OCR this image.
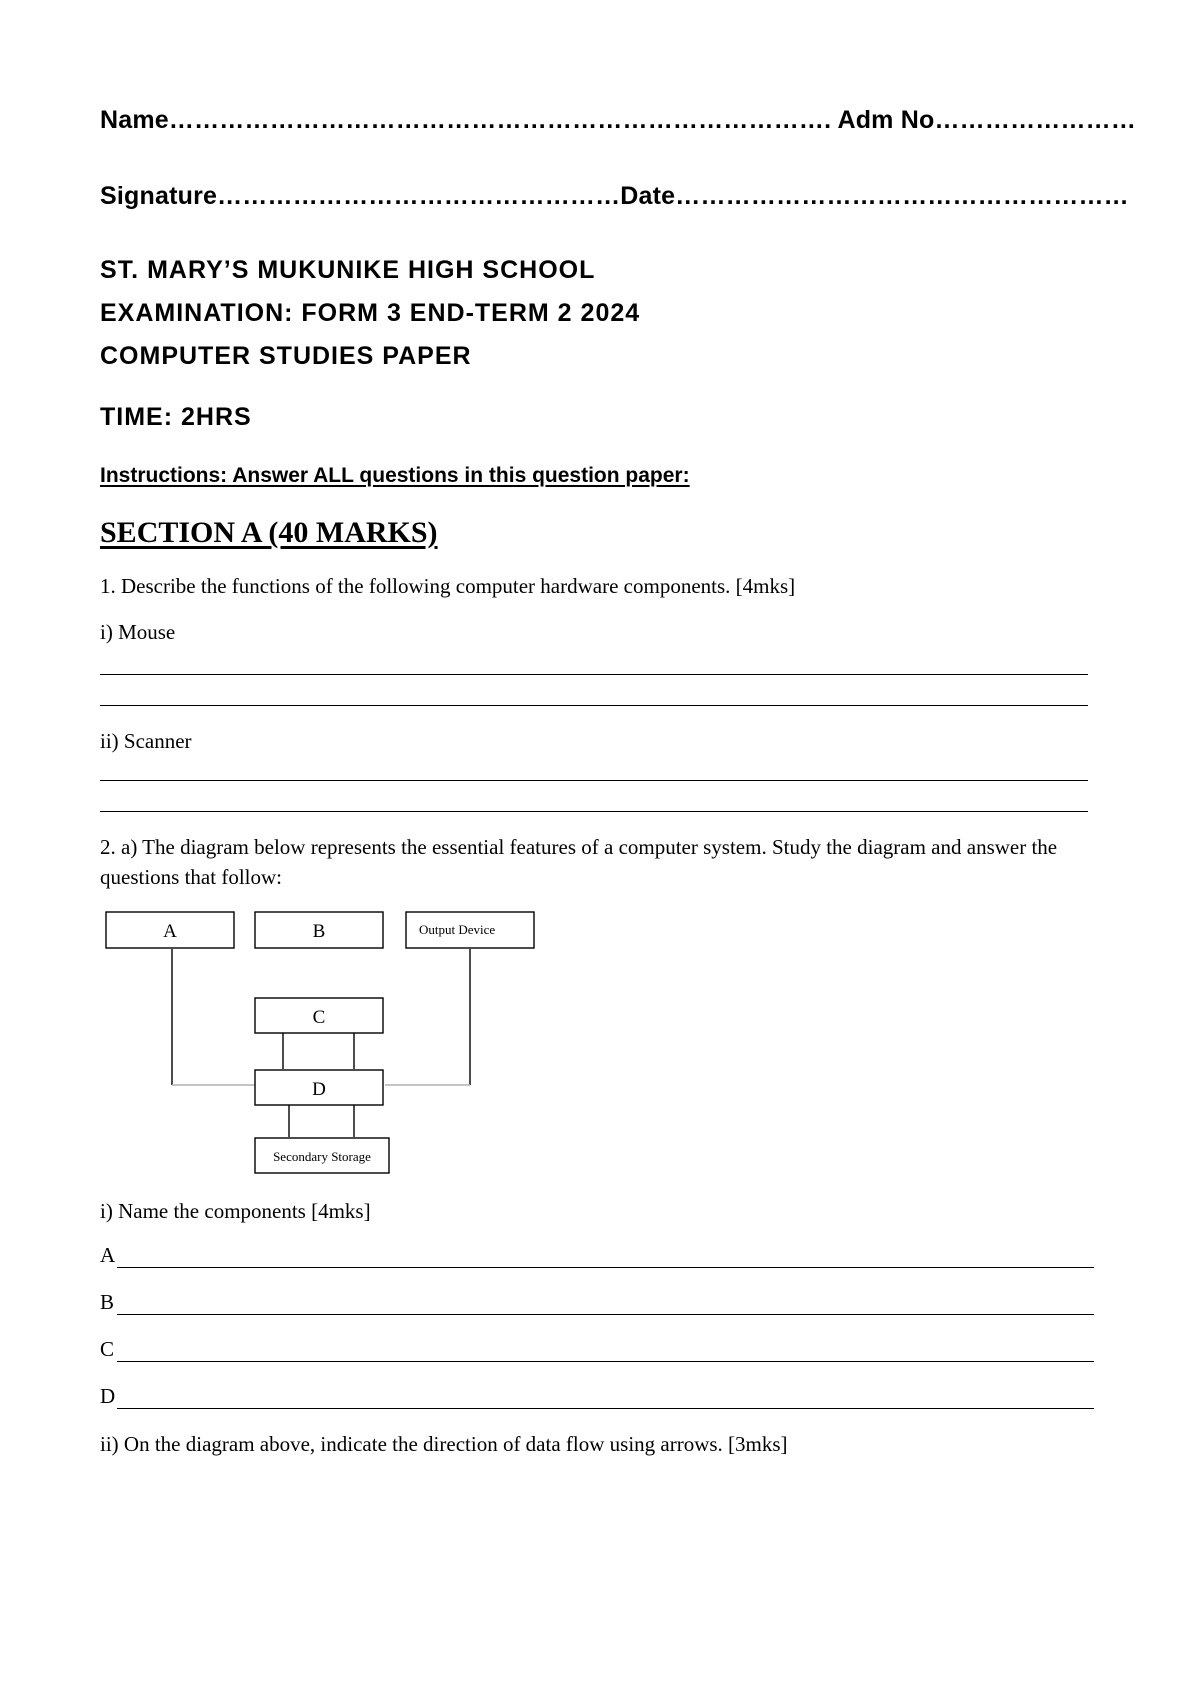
Name……………………………………………………………………. Adm No……………………
Signature…………………………………………Date………………………………………………
ST. MARY’S MUKUNIKE HIGH SCHOOL
EXAMINATION: FORM 3 END-TERM 2 2024
COMPUTER STUDIES PAPER
TIME: 2HRS
Instructions: Answer ALL questions in this question paper:
SECTION A (40 MARKS)
1. Describe the functions of the following computer hardware components. [4mks]
i) Mouse
ii) Scanner
2. a) The diagram below represents the essential features of a computer system. Study the diagram and answer the questions that follow:
A	B	Output Device
C
D
Secondary Storage
i) Name the components [4mks]
A
B
C
D
ii) On the diagram above, indicate the direction of data flow using arrows. [3mks]
